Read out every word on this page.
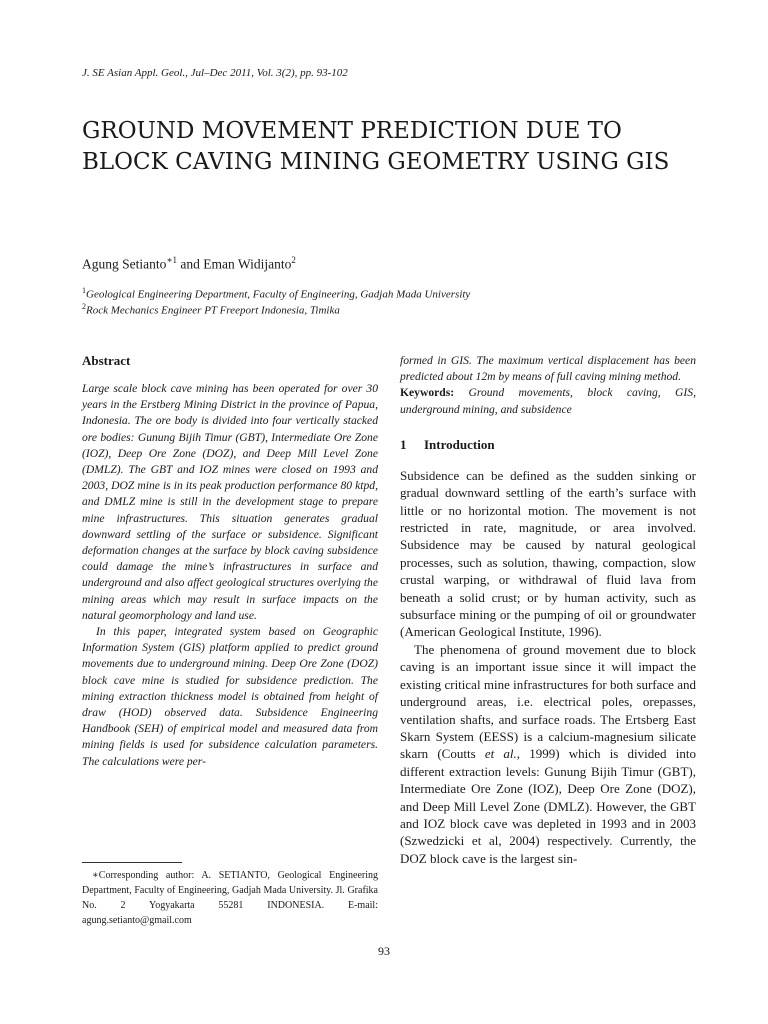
J. SE Asian Appl. Geol., Jul–Dec 2011, Vol. 3(2), pp. 93-102
GROUND MOVEMENT PREDICTION DUE TO BLOCK CAVING MINING GEOMETRY USING GIS
Agung Setianto$^{∗1}$ and Eman Widijanto$^2$
$^1$Geological Engineering Department, Faculty of Engineering, Gadjah Mada University
$^2$Rock Mechanics Engineer PT Freeport Indonesia, Timika
Abstract

Large scale block cave mining has been operated for over 30 years in the Erstberg Mining District in the province of Papua, Indonesia. The ore body is divided into four vertically stacked ore bodies: Gunung Bijih Timur (GBT), Intermediate Ore Zone (IOZ), Deep Ore Zone (DOZ), and Deep Mill Level Zone (DMLZ). The GBT and IOZ mines were closed on 1993 and 2003, DOZ mine is in its peak production performance 80 ktpd, and DMLZ mine is still in the development stage to prepare mine infrastructures. This situation generates gradual downward settling of the surface or subsidence. Significant deformation changes at the surface by block caving subsidence could damage the mine’s infrastructures in surface and underground and also affect geological structures overlying the mining areas which may result in surface impacts on the natural geomorphology and land use.

In this paper, integrated system based on Geographic Information System (GIS) platform applied to predict ground movements due to underground mining. Deep Ore Zone (DOZ) block cave mine is studied for subsidence prediction. The mining extraction thickness model is obtained from height of draw (HOD) observed data. Subsidence Engineering Handbook (SEH) of empirical model and measured data from mining fields is used for subsidence calculation parameters. The calculations were per-

formed in GIS. The maximum vertical displacement has been predicted about 12m by means of full caving mining method.

Keywords: Ground movements, block caving, GIS, underground mining, and subsidence

1 Introduction

Subsidence can be defined as the sudden sinking or gradual downward settling of the earth’s surface with little or no horizontal motion. The movement is not restricted in rate, magnitude, or area involved. Subsidence may be caused by natural geological processes, such as solution, thawing, compaction, slow crustal warping, or withdrawal of fluid lava from beneath a solid crust; or by human activity, such as subsurface mining or the pumping of oil or groundwater (American Geological Institute, 1996).

The phenomena of ground movement due to block caving is an important issue since it will impact the existing critical mine infrastructures for both surface and underground areas, i.e. electrical poles, orepasses, ventilation shafts, and surface roads. The Ertsberg East Skarn System (EESS) is a calcium-magnesium silicate skarn (Coutts et al., 1999) which is divided into different extraction levels: Gunung Bijih Timur (GBT), Intermediate Ore Zone (IOZ), Deep Ore Zone (DOZ), and Deep Mill Level Zone (DMLZ). However, the GBT and IOZ block cave was depleted in 1993 and in 2003 (Szwedzicki et al, 2004) respectively. Currently, the DOZ block cave is the largest sin-

∗Corresponding author: A. SETIANTO, Geological Engineering Department, Faculty of Engineering, Gadjah Mada University. Jl. Grafika No. 2 Yogyakarta 55281 INDONESIA. E-mail: agung.setianto@gmail.com

93
